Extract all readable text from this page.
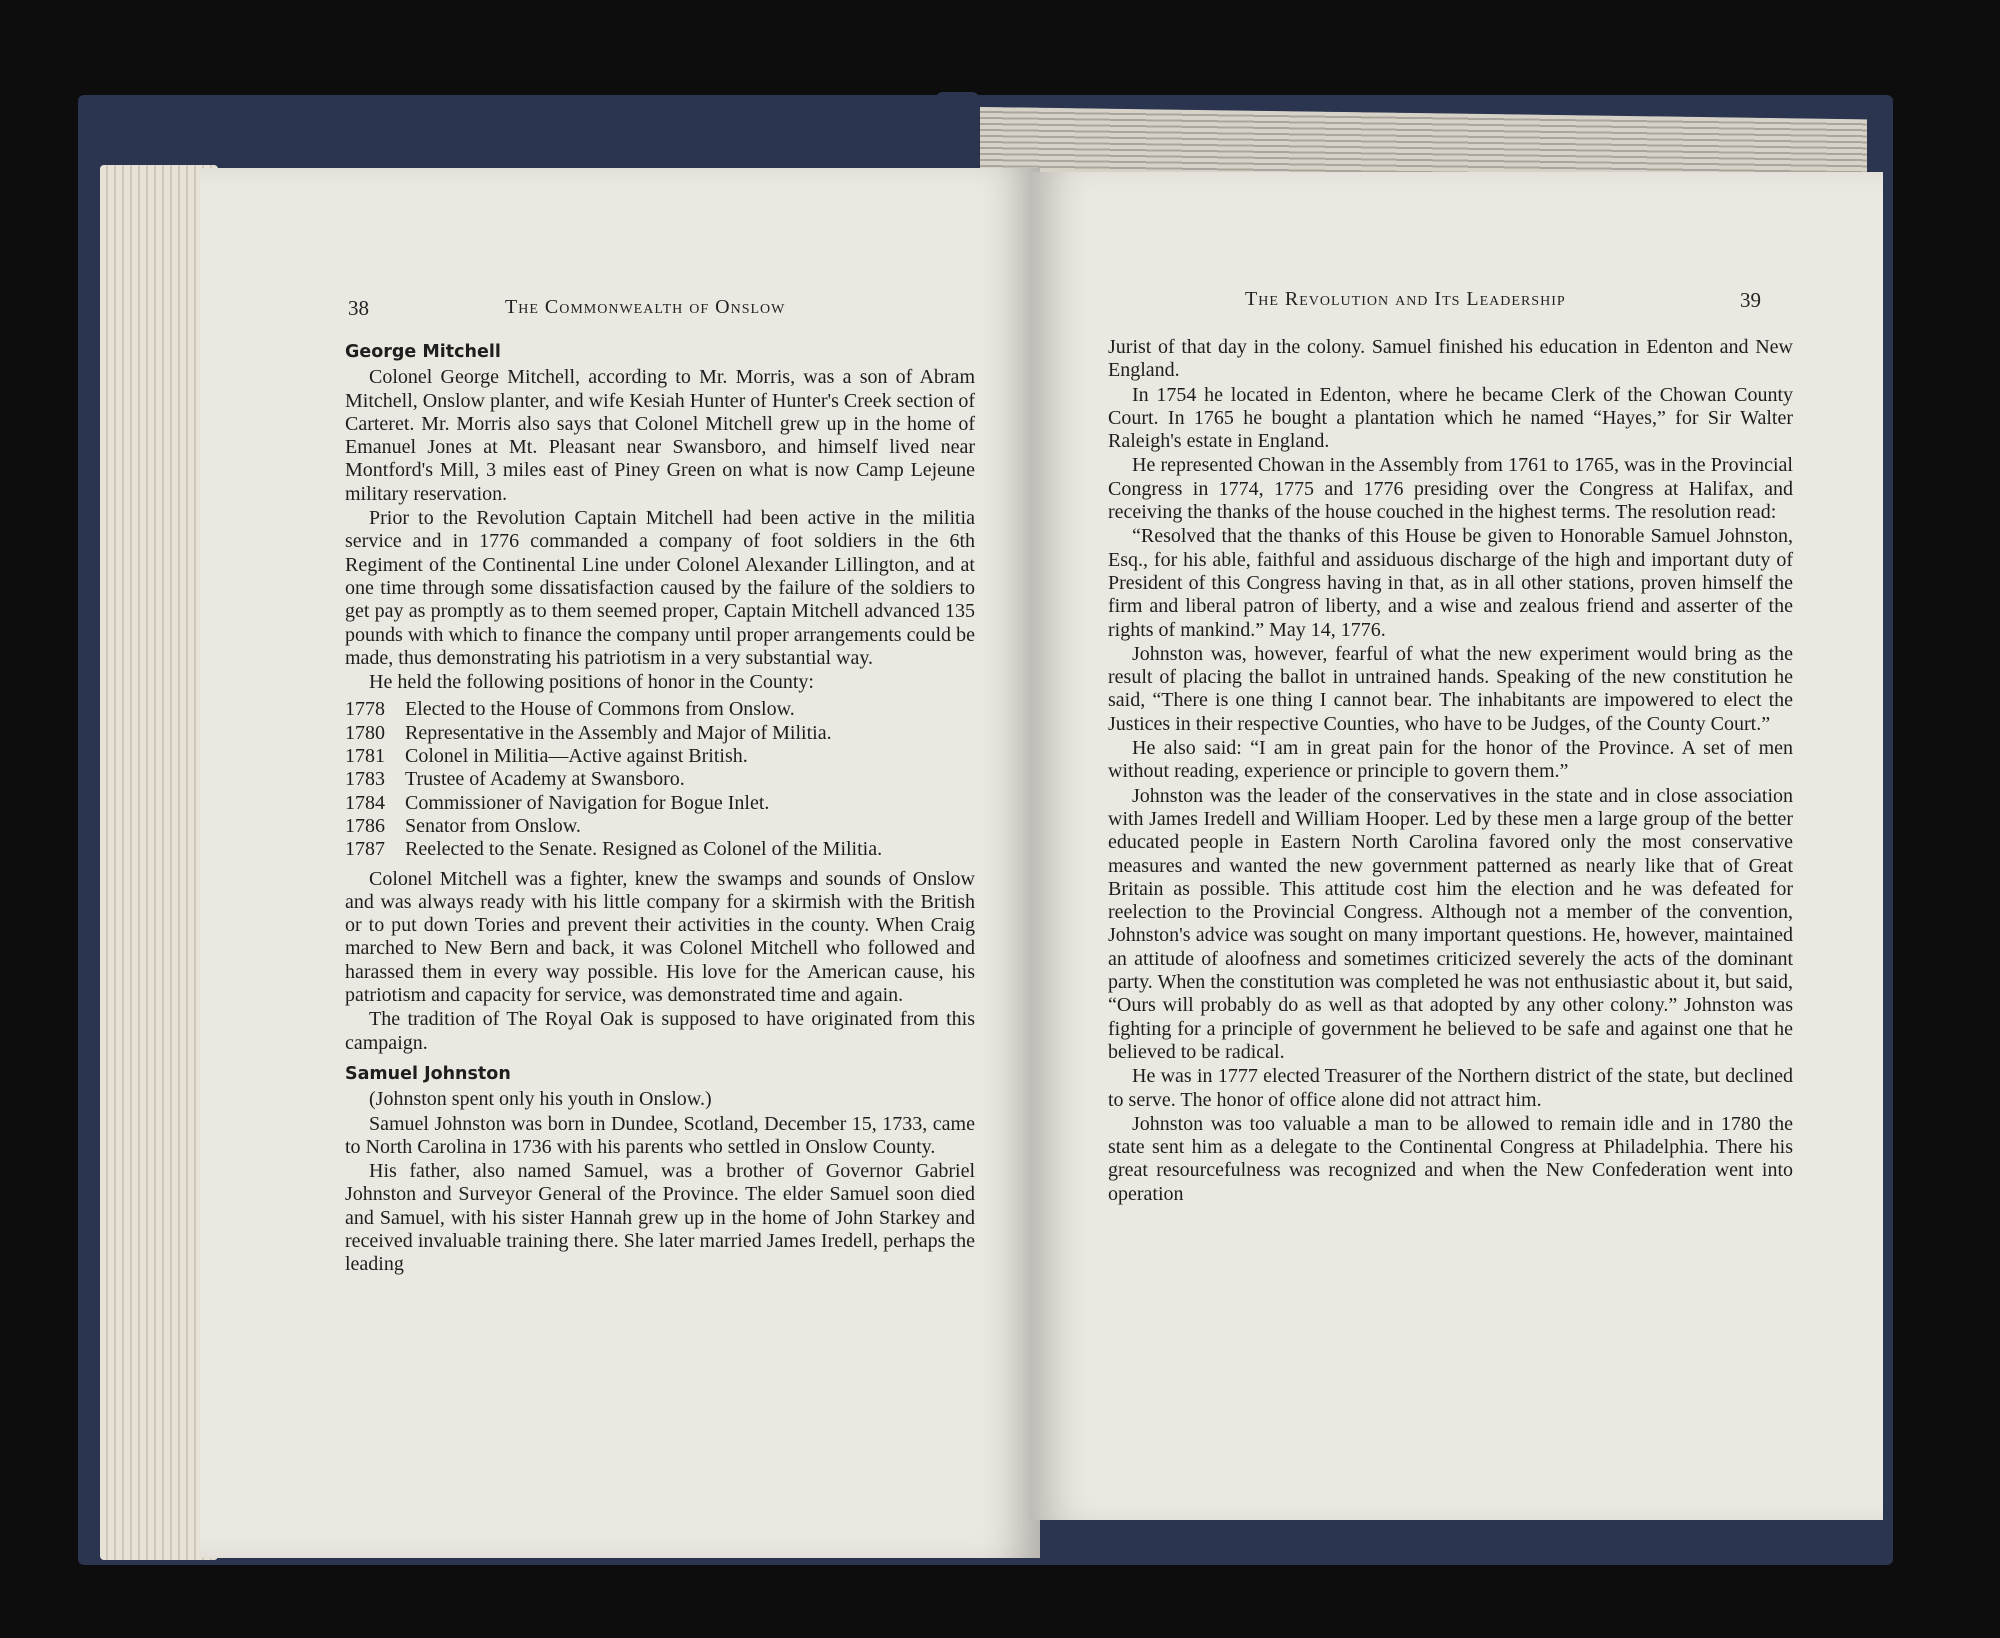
38	The Commonwealth of Onslow
George Mitchell

Colonel George Mitchell, according to Mr. Morris, was a son of Abram Mitchell, Onslow planter, and wife Kesiah Hunter of Hunter's Creek section of Carteret. Mr. Morris also says that Colonel Mitchell grew up in the home of Emanuel Jones at Mt. Pleasant near Swansboro, and himself lived near Montford's Mill, 3 miles east of Piney Green on what is now Camp Lejeune military reservation.

Prior to the Revolution Captain Mitchell had been active in the militia service and in 1776 commanded a company of foot soldiers in the 6th Regiment of the Continental Line under Colonel Alexander Lillington, and at one time through some dissatisfaction caused by the failure of the soldiers to get pay as promptly as to them seemed proper, Captain Mitchell advanced 135 pounds with which to finance the company until proper arrangements could be made, thus demonstrating his patriotism in a very substantial way.

He held the following positions of honor in the County:

1778	Elected to the House of Commons from Onslow.
1780	Representative in the Assembly and Major of Militia.
1781	Colonel in Militia—Active against British.
1783	Trustee of Academy at Swansboro.
1784	Commissioner of Navigation for Bogue Inlet.
1786	Senator from Onslow.
1787	Reelected to the Senate. Resigned as Colonel of the Militia.

Colonel Mitchell was a fighter, knew the swamps and sounds of Onslow and was always ready with his little company for a skirmish with the British or to put down Tories and prevent their activities in the county. When Craig marched to New Bern and back, it was Colonel Mitchell who followed and harassed them in every way possible. His love for the American cause, his patriotism and capacity for service, was demonstrated time and again.

The tradition of The Royal Oak is supposed to have originated from this campaign.

Samuel Johnston

(Johnston spent only his youth in Onslow.)

Samuel Johnston was born in Dundee, Scotland, December 15, 1733, came to North Carolina in 1736 with his parents who settled in Onslow County.

His father, also named Samuel, was a brother of Governor Gabriel Johnston and Surveyor General of the Province. The elder Samuel soon died and Samuel, with his sister Hannah grew up in the home of John Starkey and received invaluable training there. She later married James Iredell, perhaps the leading

The Revolution and Its Leadership	39

Jurist of that day in the colony. Samuel finished his education in Edenton and New England.

In 1754 he located in Edenton, where he became Clerk of the Chowan County Court. In 1765 he bought a plantation which he named “Hayes,” for Sir Walter Raleigh's estate in England.

He represented Chowan in the Assembly from 1761 to 1765, was in the Provincial Congress in 1774, 1775 and 1776 presiding over the Congress at Halifax, and receiving the thanks of the house couched in the highest terms. The resolution read:

“Resolved that the thanks of this House be given to Honorable Samuel Johnston, Esq., for his able, faithful and assiduous discharge of the high and important duty of President of this Congress having in that, as in all other stations, proven himself the firm and liberal patron of liberty, and a wise and zealous friend and asserter of the rights of mankind.” May 14, 1776.

Johnston was, however, fearful of what the new experiment would bring as the result of placing the ballot in untrained hands. Speaking of the new constitution he said, “There is one thing I cannot bear. The inhabitants are impowered to elect the Justices in their respective Counties, who have to be Judges, of the County Court.”

He also said: “I am in great pain for the honor of the Province. A set of men without reading, experience or principle to govern them.”

Johnston was the leader of the conservatives in the state and in close association with James Iredell and William Hooper. Led by these men a large group of the better educated people in Eastern North Carolina favored only the most conservative measures and wanted the new government patterned as nearly like that of Great Britain as possible. This attitude cost him the election and he was defeated for reelection to the Provincial Congress. Although not a member of the convention, Johnston's advice was sought on many important questions. He, however, maintained an attitude of aloofness and sometimes criticized severely the acts of the dominant party. When the constitution was completed he was not enthusiastic about it, but said, “Ours will probably do as well as that adopted by any other colony.” Johnston was fighting for a principle of government he believed to be safe and against one that he believed to be radical.

He was in 1777 elected Treasurer of the Northern district of the state, but declined to serve. The honor of office alone did not attract him.

Johnston was too valuable a man to be allowed to remain idle and in 1780 the state sent him as a delegate to the Continental Congress at Philadelphia. There his great resourcefulness was recognized and when the New Confederation went into operation
